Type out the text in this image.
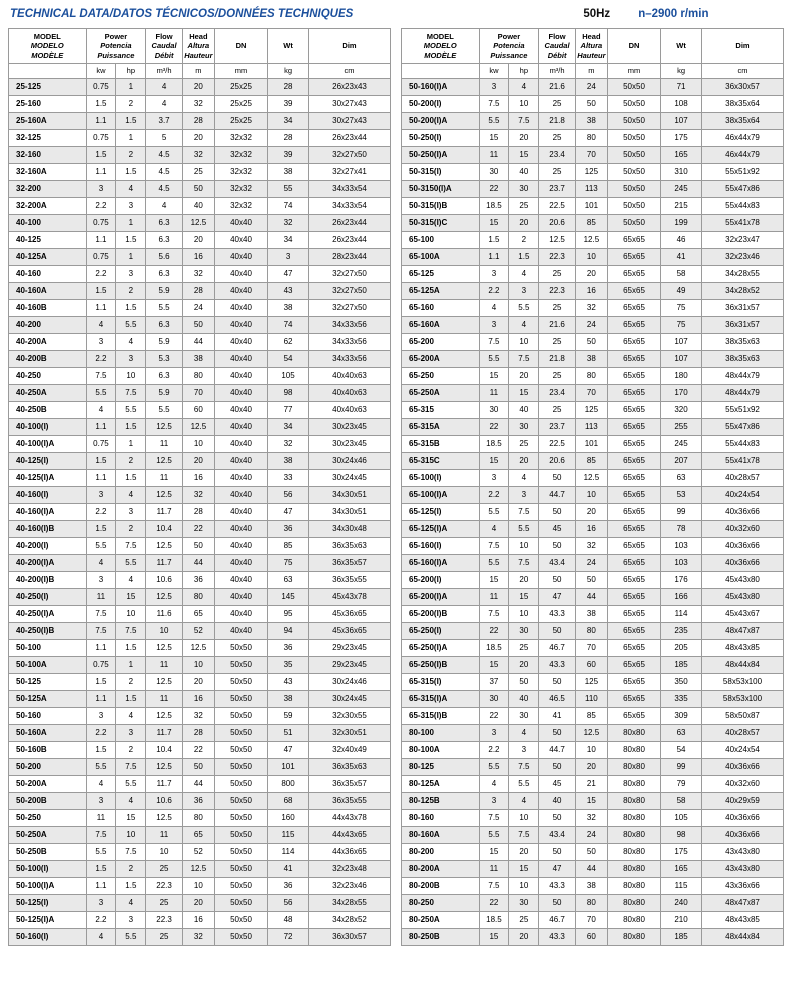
TECHNICAL DATA/DATOS TÉCNICOS/DONNÉES TECHNIQUES	50Hz n–2900 r/min
MODEL
MODELO
MODÈLE

Power
Potencia
Puissance

Flow
Caudal
Débit

Head
Altura
Hauteur

DN	Wt	Dim

	kw	hp	m³/h	m	mm	kg	cm
25-125	0.75	1	4	20	25x25	28	26x23x43
25-160	1.5	2	4	32	25x25	39	30x27x43
25-160A	1.1	1.5	3.7	28	25x25	34	30x27x43
32-125	0.75	1	5	20	32x32	28	26x23x44
32-160	1.5	2	4.5	32	32x32	39	32x27x50
32-160A	1.1	1.5	4.5	25	32x32	38	32x27x41
32-200	3	4	4.5	50	32x32	55	34x33x54
32-200A	2.2	3	4	40	32x32	74	34x33x54
40-100	0.75	1	6.3	12.5	40x40	32	26x23x44
40-125	1.1	1.5	6.3	20	40x40	34	26x23x44
40-125A	0.75	1	5.6	16	40x40	3	28x23x44
40-160	2.2	3	6.3	32	40x40	47	32x27x50
40-160A	1.5	2	5.9	28	40x40	43	32x27x50
40-160B	1.1	1.5	5.5	24	40x40	38	32x27x50
40-200	4	5.5	6.3	50	40x40	74	34x33x56
40-200A	3	4	5.9	44	40x40	62	34x33x56
40-200B	2.2	3	5.3	38	40x40	54	34x33x56
40-250	7.5	10	6.3	80	40x40	105	40x40x63
40-250A	5.5	7.5	5.9	70	40x40	98	40x40x63
40-250B	4	5.5	5.5	60	40x40	77	40x40x63
40-100(I)	1.1	1.5	12.5	12.5	40x40	34	30x23x45
40-100(I)A	0.75	1	11	10	40x40	32	30x23x45
40-125(I)	1.5	2	12.5	20	40x40	38	30x24x46
40-125(I)A	1.1	1.5	11	16	40x40	33	30x24x45
40-160(I)	3	4	12.5	32	40x40	56	34x30x51
40-160(I)A	2.2	3	11.7	28	40x40	47	34x30x51
40-160(I)B	1.5	2	10.4	22	40x40	36	34x30x48
40-200(I)	5.5	7.5	12.5	50	40x40	85	36x35x63
40-200(I)A	4	5.5	11.7	44	40x40	75	36x35x57
40-200(I)B	3	4	10.6	36	40x40	63	36x35x55
40-250(I)	11	15	12.5	80	40x40	145	45x43x78
40-250(I)A	7.5	10	11.6	65	40x40	95	45x36x65
40-250(I)B	7.5	7.5	10	52	40x40	94	45x36x65
50-100	1.1	1.5	12.5	12.5	50x50	36	29x23x45
50-100A	0.75	1	11	10	50x50	35	29x23x45
50-125	1.5	2	12.5	20	50x50	43	30x24x46
50-125A	1.1	1.5	11	16	50x50	38	30x24x45
50-160	3	4	12.5	32	50x50	59	32x30x55
50-160A	2.2	3	11.7	28	50x50	51	32x30x51
50-160B	1.5	2	10.4	22	50x50	47	32x40x49
50-200	5.5	7.5	12.5	50	50x50	101	36x35x63
50-200A	4	5.5	11.7	44	50x50	800	36x35x57
50-200B	3	4	10.6	36	50x50	68	36x35x55
50-250	11	15	12.5	80	50x50	160	44x43x78
50-250A	7.5	10	11	65	50x50	115	44x43x65
50-250B	5.5	7.5	10	52	50x50	114	44x36x65
50-100(I)	1.5	2	25	12.5	50x50	41	32x23x48
50-100(I)A	1.1	1.5	22.3	10	50x50	36	32x23x46
50-125(I)	3	4	25	20	50x50	56	34x28x55
50-125(I)A	2.2	3	22.3	16	50x50	48	34x28x52
50-160(I)	4	5.5	25	32	50x50	72	36x30x57
MODEL
MODELO
MODÈLE

Power
Potencia
Puissance

Flow
Caudal
Débit

Head
Altura
Hauteur

DN	Wt	Dim

	kw	hp	m³/h	m	mm	kg	cm
50-160(I)A	3	4	21.6	24	50x50	71	36x30x57
50-200(I)	7.5	10	25	50	50x50	108	38x35x64
50-200(I)A	5.5	7.5	21.8	38	50x50	107	38x35x64
50-250(I)	15	20	25	80	50x50	175	46x44x79
50-250(I)A	11	15	23.4	70	50x50	165	46x44x79
50-315(I)	30	40	25	125	50x50	310	55x51x92
50-3150(I)A	22	30	23.7	113	50x50	245	55x47x86
50-315(I)B	18.5	25	22.5	101	50x50	215	55x44x83
50-315(I)C	15	20	20.6	85	50x50	199	55x41x78
65-100	1.5	2	12.5	12.5	65x65	46	32x23x47
65-100A	1.1	1.5	22.3	10	65x65	41	32x23x46
65-125	3	4	25	20	65x65	58	34x28x55
65-125A	2.2	3	22.3	16	65x65	49	34x28x52
65-160	4	5.5	25	32	65x65	75	36x31x57
65-160A	3	4	21.6	24	65x65	75	36x31x57
65-200	7.5	10	25	50	65x65	107	38x35x63
65-200A	5.5	7.5	21.8	38	65x65	107	38x35x63
65-250	15	20	25	80	65x65	180	48x44x79
65-250A	11	15	23.4	70	65x65	170	48x44x79
65-315	30	40	25	125	65x65	320	55x51x92
65-315A	22	30	23.7	113	65x65	255	55x47x86
65-315B	18.5	25	22.5	101	65x65	245	55x44x83
65-315C	15	20	20.6	85	65x65	207	55x41x78
65-100(I)	3	4	50	12.5	65x65	63	40x28x57
65-100(I)A	2.2	3	44.7	10	65x65	53	40x24x54
65-125(I)	5.5	7.5	50	20	65x65	99	40x36x66
65-125(I)A	4	5.5	45	16	65x65	78	40x32x60
65-160(I)	7.5	10	50	32	65x65	103	40x36x66
65-160(I)A	5.5	7.5	43.4	24	65x65	103	40x36x66
65-200(I)	15	20	50	50	65x65	176	45x43x80
65-200(I)A	11	15	47	44	65x65	166	45x43x80
65-200(I)B	7.5	10	43.3	38	65x65	114	45x43x67
65-250(I)	22	30	50	80	65x65	235	48x47x87
65-250(I)A	18.5	25	46.7	70	65x65	205	48x43x85
65-250(I)B	15	20	43.3	60	65x65	185	48x44x84
65-315(I)	37	50	50	125	65x65	350	58x53x100
65-315(I)A	30	40	46.5	110	65x65	335	58x53x100
65-315(I)B	22	30	41	85	65x65	309	58x50x87
80-100	3	4	50	12.5	80x80	63	40x28x57
80-100A	2.2	3	44.7	10	80x80	54	40x24x54
80-125	5.5	7.5	50	20	80x80	99	40x36x66
80-125A	4	5.5	45	21	80x80	79	40x32x60
80-125B	3	4	40	15	80x80	58	40x29x59
80-160	7.5	10	50	32	80x80	105	40x36x66
80-160A	5.5	7.5	43.4	24	80x80	98	40x36x66
80-200	15	20	50	50	80x80	175	43x43x80
80-200A	11	15	47	44	80x80	165	43x43x80
80-200B	7.5	10	43.3	38	80x80	115	43x36x66
80-250	22	30	50	80	80x80	240	48x47x87
80-250A	18.5	25	46.7	70	80x80	210	48x43x85
80-250B	15	20	43.3	60	80x80	185	48x44x84
